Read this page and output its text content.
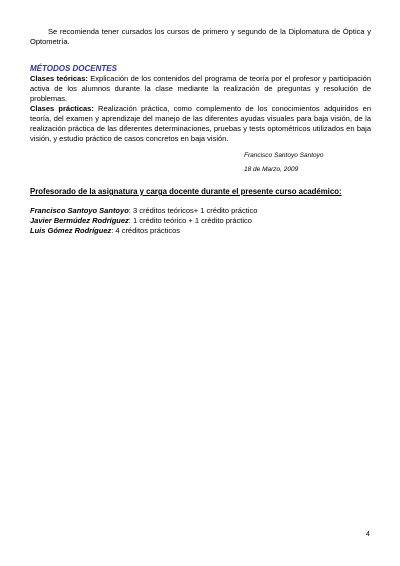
Se recomienda tener cursados los cursos de primero y segundo de la Diplomatura de Óptica y Optometría.

MÉTODOS DOCENTES

Clases teóricas: Explicación de los contenidos del programa de teoría por el profesor y participación activa de los alumnos durante la clase mediante la realización de preguntas y resolución de problemas.

Clases prácticas: Realización práctica, como complemento de los conocimientos adquiridos en teoría, del examen y aprendizaje del manejo de las diferentes ayudas visuales para baja visión, de la realización práctica de las diferentes determinaciones, pruebas y tests optométricos utilizados en baja visión, y estudio práctico de casos concretos en baja visión.

Francisco Santoyo Santoyo
18 de Marzo, 2009
Profesorado de la asignatura y carga docente durante el presente curso académico:
Francisco Santoyo Santoyo: 3 créditos teóricos+ 1 crédito práctico
Javier Bermúdez Rodríguez: 1 crédito teórico + 1 crédito práctico
Luis Gómez Rodríguez: 4 créditos prácticos
4
